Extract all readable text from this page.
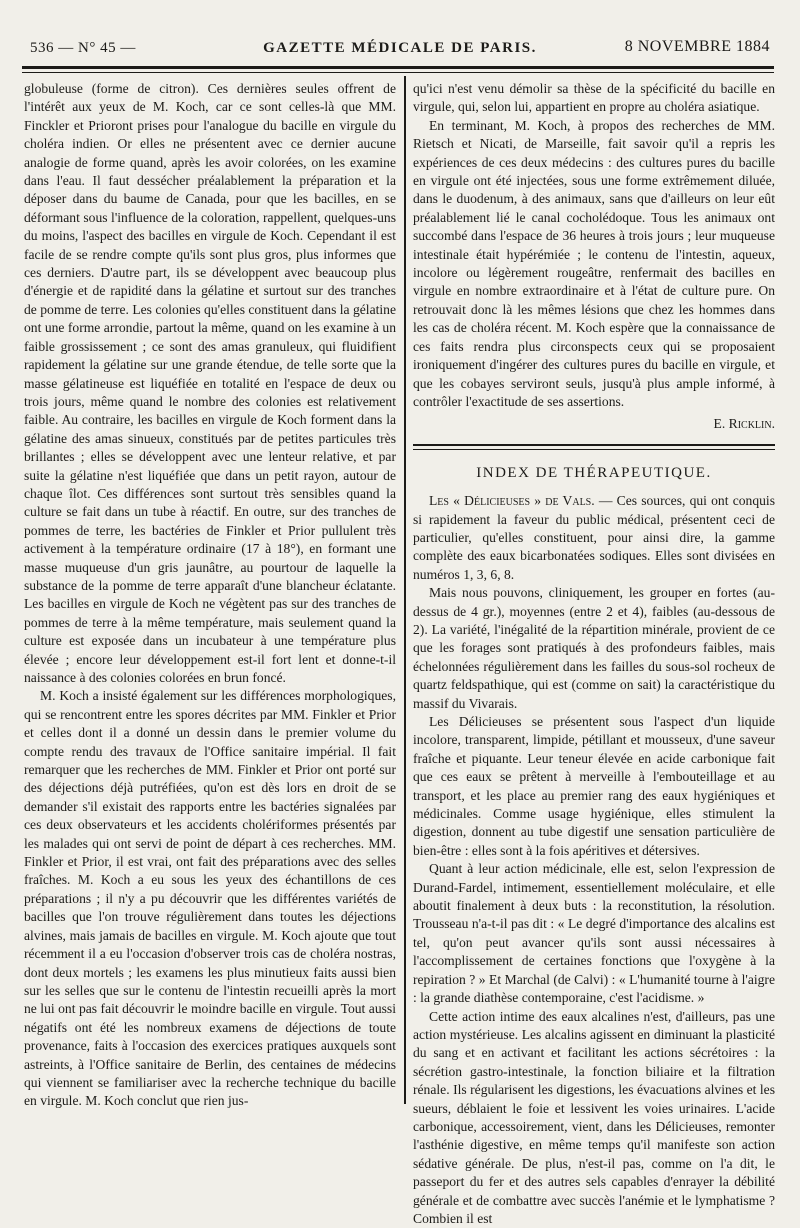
536 — N° 45 —	GAZETTE MÉDICALE DE PARIS.	8 NOVEMBRE 1884

globuleuse (forme de citron). Ces dernières seules offrent de l'intérêt aux yeux de M. Koch, car ce sont celles-là que MM. Finckler et Prioront prises pour l'analogue du bacille en virgule du choléra indien. Or elles ne présentent avec ce dernier aucune analogie de forme quand, après les avoir colorées, on les examine dans l'eau. Il faut dessécher préalablement la préparation et la déposer dans du baume de Canada, pour que les bacilles, en se déformant sous l'influence de la coloration, rappellent, quelques-uns du moins, l'aspect des bacilles en virgule de Koch. Cependant il est facile de se rendre compte qu'ils sont plus gros, plus informes que ces derniers. D'autre part, ils se développent avec beaucoup plus d'énergie et de rapidité dans la gélatine et surtout sur des tranches de pomme de terre. Les colonies qu'elles constituent dans la gélatine ont une forme arrondie, partout la même, quand on les examine à un faible grossissement ; ce sont des amas granuleux, qui fluidifient rapidement la gélatine sur une grande étendue, de telle sorte que la masse gélatineuse est liquéfiée en totalité en l'espace de deux ou trois jours, même quand le nombre des colonies est relativement faible. Au contraire, les bacilles en virgule de Koch forment dans la gélatine des amas sinueux, constitués par de petites particules très brillantes ; elles se développent avec une lenteur relative, et par suite la gélatine n'est liquéfiée que dans un petit rayon, autour de chaque îlot. Ces différences sont surtout très sensibles quand la culture se fait dans un tube à réactif. En outre, sur des tranches de pommes de terre, les bactéries de Finkler et Prior pullulent très activement à la température ordinaire (17 à 18°), en formant une masse muqueuse d'un gris jaunâtre, au pourtour de laquelle la substance de la pomme de terre apparaît d'une blancheur éclatante. Les bacilles en virgule de Koch ne végètent pas sur des tranches de pommes de terre à la même température, mais seulement quand la culture est exposée dans un incubateur à une température plus élevée ; encore leur développement est-il fort lent et donne-t-il naissance à des colonies colorées en brun foncé.

M. Koch a insisté également sur les différences morphologiques, qui se rencontrent entre les spores décrites par MM. Finkler et Prior et celles dont il a donné un dessin dans le premier volume du compte rendu des travaux de l'Office sanitaire impérial. Il fait remarquer que les recherches de MM. Finkler et Prior ont porté sur des déjections déjà putréfiées, qu'on est dès lors en droit de se demander s'il existait des rapports entre les bactéries signalées par ces deux observateurs et les accidents cholériformes présentés par les malades qui ont servi de point de départ à ces recherches. MM. Finkler et Prior, il est vrai, ont fait des préparations avec des selles fraîches. M. Koch a eu sous les yeux des échantillons de ces préparations ; il n'y a pu découvrir que les différentes variétés de bacilles que l'on trouve régulièrement dans toutes les déjections alvines, mais jamais de bacilles en virgule. M. Koch ajoute que tout récemment il a eu l'occasion d'observer trois cas de choléra nostras, dont deux mortels ; les examens les plus minutieux faits aussi bien sur les selles que sur le contenu de l'intestin recueilli après la mort ne lui ont pas fait découvrir le moindre bacille en virgule. Tout aussi négatifs ont été les nombreux examens de déjections de toute provenance, faits à l'occasion des exercices pratiques auxquels sont astreints, à l'Office sanitaire de Berlin, des centaines de médecins qui viennent se familiariser avec la recherche technique du bacille en virgule. M. Koch conclut que rien jus-

qu'ici n'est venu démolir sa thèse de la spécificité du bacille en virgule, qui, selon lui, appartient en propre au choléra asiatique.

En terminant, M. Koch, à propos des recherches de MM. Rietsch et Nicati, de Marseille, fait savoir qu'il a repris les expériences de ces deux médecins : des cultures pures du bacille en virgule ont été injectées, sous une forme extrêmement diluée, dans le duodenum, à des animaux, sans que d'ailleurs on leur eût préalablement lié le canal cocholédoque. Tous les animaux ont succombé dans l'espace de 36 heures à trois jours ; leur muqueuse intestinale était hypérémiée ; le contenu de l'intestin, aqueux, incolore ou légèrement rougeâtre, renfermait des bacilles en virgule en nombre extraordinaire et à l'état de culture pure. On retrouvait donc là les mêmes lésions que chez les hommes dans les cas de choléra récent. M. Koch espère que la connaissance de ces faits rendra plus circonspects ceux qui se proposaient ironiquement d'ingérer des cultures pures du bacille en virgule, et que les cobayes serviront seuls, jusqu'à plus ample informé, à contrôler l'exactitude de ses assertions.

E. Ricklin.
INDEX DE THÉRAPEUTIQUE.

Les « Délicieuses » de Vals. — Ces sources, qui ont conquis si rapidement la faveur du public médical, présentent ceci de particulier, qu'elles constituent, pour ainsi dire, la gamme complète des eaux bicarbonatées sodiques. Elles sont divisées en numéros 1, 3, 6, 8.

Mais nous pouvons, cliniquement, les grouper en fortes (au-dessus de 4 gr.), moyennes (entre 2 et 4), faibles (au-dessous de 2). La variété, l'inégalité de la répartition minérale, provient de ce que les forages sont pratiqués à des profondeurs faibles, mais échelonnées régulièrement dans les failles du sous-sol rocheux de quartz feldspathique, qui est (comme on sait) la caractéristique du massif du Vivarais.

Les Délicieuses se présentent sous l'aspect d'un liquide incolore, transparent, limpide, pétillant et mousseux, d'une saveur fraîche et piquante. Leur teneur élevée en acide carbonique fait que ces eaux se prêtent à merveille à l'embouteillage et au transport, et les place au premier rang des eaux hygiéniques et médicinales. Comme usage hygiénique, elles stimulent la digestion, donnent au tube digestif une sensation particulière de bien-être : elles sont à la fois apéritives et détersives.

Quant à leur action médicinale, elle est, selon l'expression de Durand-Fardel, intimement, essentiellement moléculaire, et elle aboutit finalement à deux buts : la reconstitution, la résolution. Trousseau n'a-t-il pas dit : « Le degré d'importance des alcalins est tel, qu'on peut avancer qu'ils sont aussi nécessaires à l'accomplissement de certaines fonctions que l'oxygène à la repiration ? » Et Marchal (de Calvi) : « L'humanité tourne à l'aigre : la grande diathèse contemporaine, c'est l'acidisme. »

Cette action intime des eaux alcalines n'est, d'ailleurs, pas une action mystérieuse. Les alcalins agissent en diminuant la plasticité du sang et en activant et facilitant les actions sécrétoires : la sécrétion gastro-intestinale, la fonction biliaire et la filtration rénale. Ils régularisent les digestions, les évacuations alvines et les sueurs, déblaient le foie et lessivent les voies urinaires. L'acide carbonique, accessoirement, vient, dans les Délicieuses, remonter l'asthénie digestive, en même temps qu'il manifeste son action sédative générale. De plus, n'est-il pas, comme on l'a dit, le passeport du fer et des autres sels capables d'enrayer la débilité générale et de combattre avec succès l'anémie et le lymphatisme ? Combien il est
